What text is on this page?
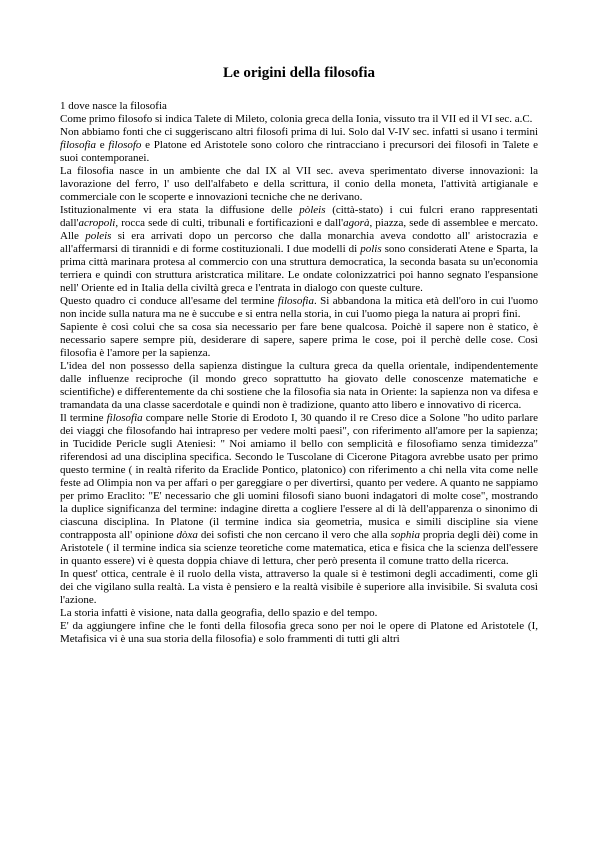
Le origini della filosofia

1 dove nasce la filosofia

Come primo filosofo si indica Talete di Mileto, colonia greca della Ionia, vissuto tra il VII ed il VI sec. a.C.

Non abbiamo fonti che ci suggeriscano altri filosofi prima di lui. Solo dal V-IV sec. infatti si usano i termini filosofia e filosofo e Platone ed Aristotele sono coloro che rintracciano i precursori dei filosofi in Talete e suoi contemporanei.

La filosofia nasce in un ambiente che dal IX al VII sec. aveva sperimentato diverse innovazioni: la lavorazione del ferro, l' uso dell'alfabeto e della scrittura, il conio della moneta, l'attività artigianale e commerciale con le scoperte e innovazioni tecniche che ne derivano.

Istituzionalmente vi era stata la diffusione delle pòleis (città-stato) i cui fulcri erano rappresentati dall'acropoli, rocca sede di culti, tribunali e fortificazioni e dall'agorà, piazza, sede di assemblee e mercato. Alle poleis si era arrivati dopo un percorso che dalla monarchia aveva condotto all' aristocrazia e all'affermarsi di tirannidi e di forme costituzionali. I due modelli di polis sono considerati Atene e Sparta, la prima città marinara protesa al commercio con una struttura democratica, la seconda basata su un'economia terriera e quindi con struttura aristcratica militare. Le ondate colonizzatrici poi hanno segnato l'espansione nell' Oriente ed in Italia della civiltà greca e l'entrata in dialogo con queste culture.

Questo quadro ci conduce all'esame del termine filosofia. Si abbandona la mitica età dell'oro in cui l'uomo non incide sulla natura ma ne è succube e si entra nella storia, in cui l'uomo piega la natura ai propri fini.

Sapiente è così colui che sa cosa sia necessario per fare bene qualcosa. Poichè il sapere non è statico, è necessario sapere sempre più, desiderare di sapere, sapere prima le cose, poi il perchè delle cose. Così filosofia è l'amore per la sapienza.

L'idea del non possesso della sapienza distingue la cultura greca da quella orientale, indipendentemente dalle influenze reciproche (il mondo greco soprattutto ha giovato delle conoscenze matematiche e scientifiche) e differentemente da chi sostiene che la filosofia sia nata in Oriente: la sapienza non va difesa e tramandata da una classe sacerdotale e quindi non è tradizione, quanto atto libero e innovativo di ricerca.

Il termine filosofia compare nelle Storie di Erodoto I, 30 quando il re Creso dice a Solone "ho udito parlare dei viaggi che filosofando hai intrapreso per vedere molti paesi", con riferimento all'amore per la sapienza; in Tucidide Pericle sugli Ateniesi: " Noi amiamo il bello con semplicità e filosofiamo senza timidezza" riferendosi ad una disciplina specifica. Secondo le Tuscolane di Cicerone Pitagora avrebbe usato per primo questo termine ( in realtà riferito da Eraclide Pontico, platonico) con riferimento a chi nella vita come nelle feste ad Olimpia non va per affari o per gareggiare o per divertirsi, quanto per vedere. A quanto ne sappiamo per primo Eraclito: "E' necessario che gli uomini filosofi siano buoni indagatori di molte cose", mostrando la duplice significanza del termine: indagine diretta a cogliere l'essere al di là dell'apparenza o sinonimo di ciascuna disciplina. In Platone (il termine indica sia geometria, musica e simili discipline sia viene contrapposta all' opinione dòxa dei sofisti che non cercano il vero che alla sophia propria degli dèi) come in Aristotele ( il termine indica sia scienze teoretiche come matematica, etica e fisica che la scienza dell'essere in quanto essere) vi è questa doppia chiave di lettura, cher però presenta il comune tratto della ricerca.

In quest' ottica, centrale è il ruolo della vista, attraverso la quale si è testimoni degli accadimenti, come gli dei che vigilano sulla realtà. La vista è pensiero e la realtà visibile è superiore alla invisibile. Si svaluta così l'azione.

La storia infatti è visione, nata dalla geografia, dello spazio e del tempo.

E' da aggiungere infine che le fonti della filosofia greca sono per noi le opere di Platone ed Aristotele (I, Metafisica vi è una sua storia della filosofia) e solo frammenti di tutti gli altri
